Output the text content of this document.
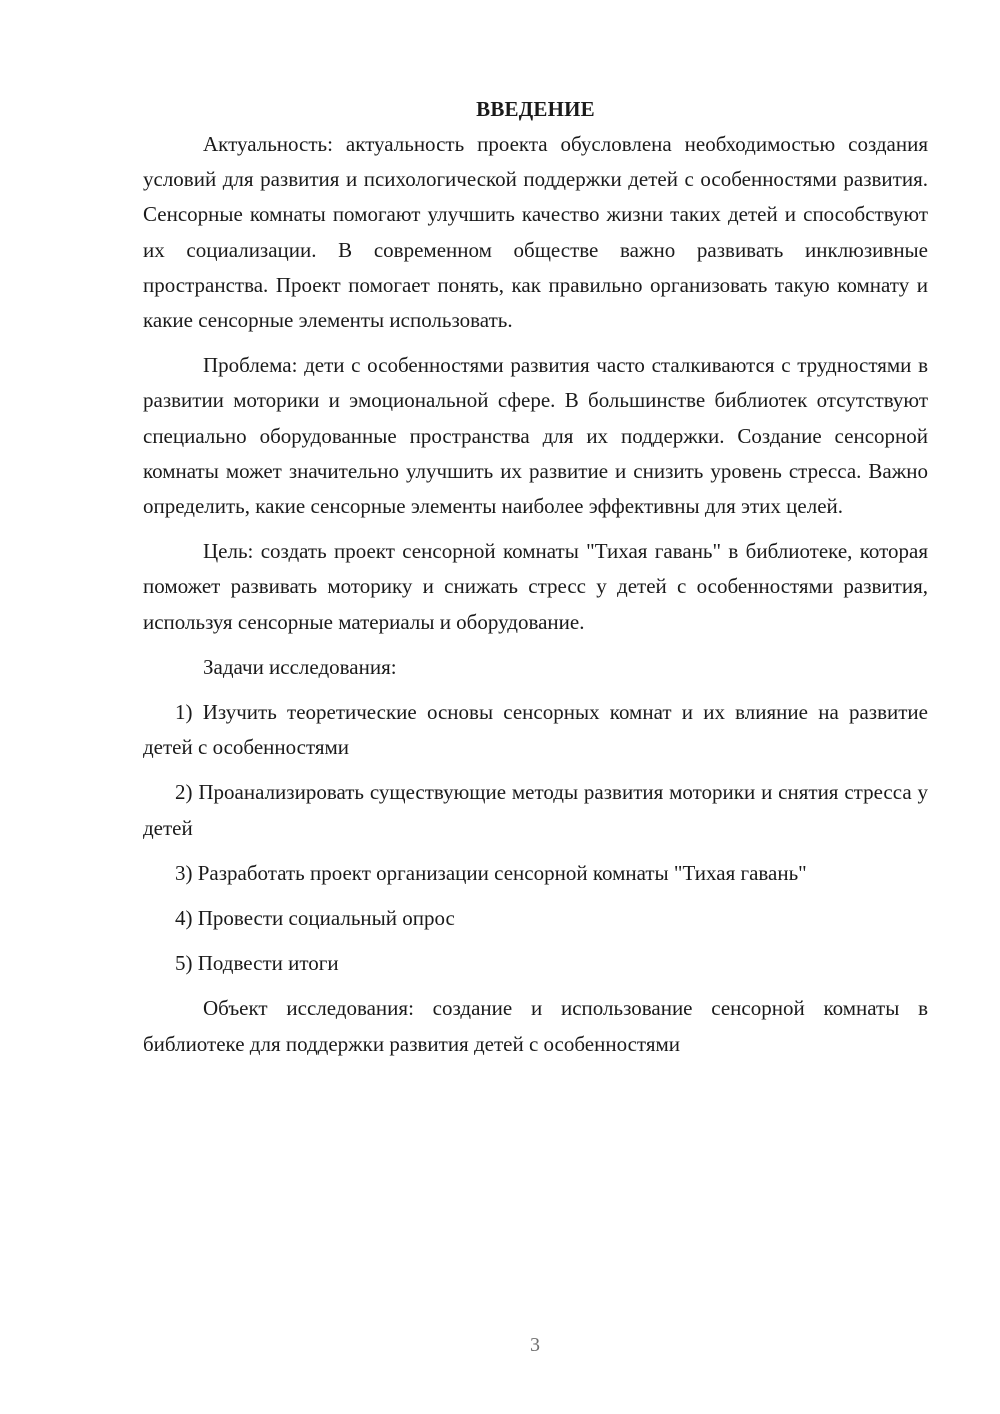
ВВЕДЕНИЕ

Актуальность: актуальность проекта обусловлена необходимостью создания условий для развития и психологической поддержки детей с особенностями развития. Сенсорные комнаты помогают улучшить качество жизни таких детей и способствуют их социализации. В современном обществе важно развивать инклюзивные пространства. Проект помогает понять, как правильно организовать такую комнату и какие сенсорные элементы использовать.

Проблема: дети с особенностями развития часто сталкиваются с трудностями в развитии моторики и эмоциональной сфере. В большинстве библиотек отсутствуют специально оборудованные пространства для их поддержки. Создание сенсорной комнаты может значительно улучшить их развитие и снизить уровень стресса. Важно определить, какие сенсорные элементы наиболее эффективны для этих целей.

Цель: создать проект сенсорной комнаты "Тихая гавань" в библиотеке, которая поможет развивать моторику и снижать стресс у детей с особенностями развития, используя сенсорные материалы и оборудование.

Задачи исследования:

1) Изучить теоретические основы сенсорных комнат и их влияние на развитие детей с особенностями

2) Проанализировать существующие методы развития моторики и снятия стресса у детей

3) Разработать проект организации сенсорной комнаты "Тихая гавань"

4) Провести социальный опрос

5) Подвести итоги

Объект исследования: создание и использование сенсорной комнаты в библиотеке для поддержки развития детей с особенностями

3
